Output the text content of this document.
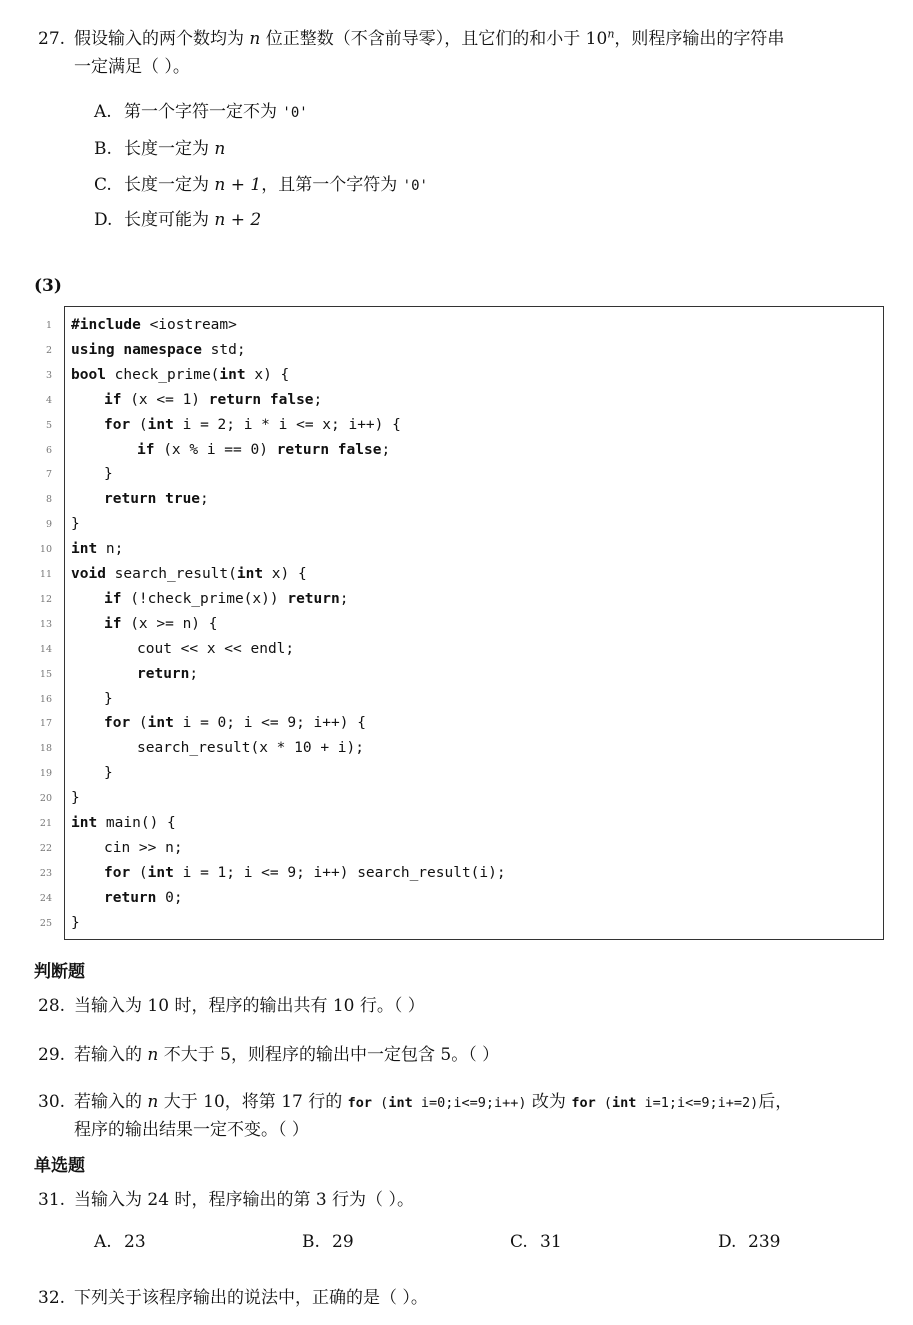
27. 假设输入的两个数均为 n 位正整数（不含前导零），且它们的和小于 10$^n$，则程序输出的字符串
一定满足（ ）。
A. 第一个字符一定不为 '0'
B. 长度一定为 n
C. 长度一定为 n + 1，且第一个字符为 '0'
D. 长度可能为 n + 2
(3)
1
2
3
4
5
6
7
8
9
10
11
12
13
14
15
16
17
18
19
20
21
22
23
24
25
#include <iostream>
using namespace std;
bool check_prime(int x) {
if (x <= 1) return false;
for (int i = 2; i * i <= x; i++) {
if (x % i == 0) return false;
}
return true;
}
int n;
void search_result(int x) {
if (!check_prime(x)) return;
if (x >= n) {
cout << x << endl;
return;
}
for (int i = 0; i <= 9; i++) {
search_result(x * 10 + i);
}
}
int main() {
cin >> n;
for (int i = 1; i <= 9; i++) search_result(i);
return 0;
}
判断题
28. 当输入为 10 时，程序的输出共有 10 行。（ ）
29. 若输入的 n 不大于 5，则程序的输出中一定包含 5。（ ）
30. 若输入的 n 大于 10，将第 17 行的 for (int i=0;i<=9;i++) 改为 for (int i=1;i<=9;i+=2)后，
程序的输出结果一定不变。（ ）
单选题
31. 当输入为 24 时，程序输出的第 3 行为（ ）。
A. 23	B. 29	C. 31	D. 239
32. 下列关于该程序输出的说法中，正确的是（ ）。
